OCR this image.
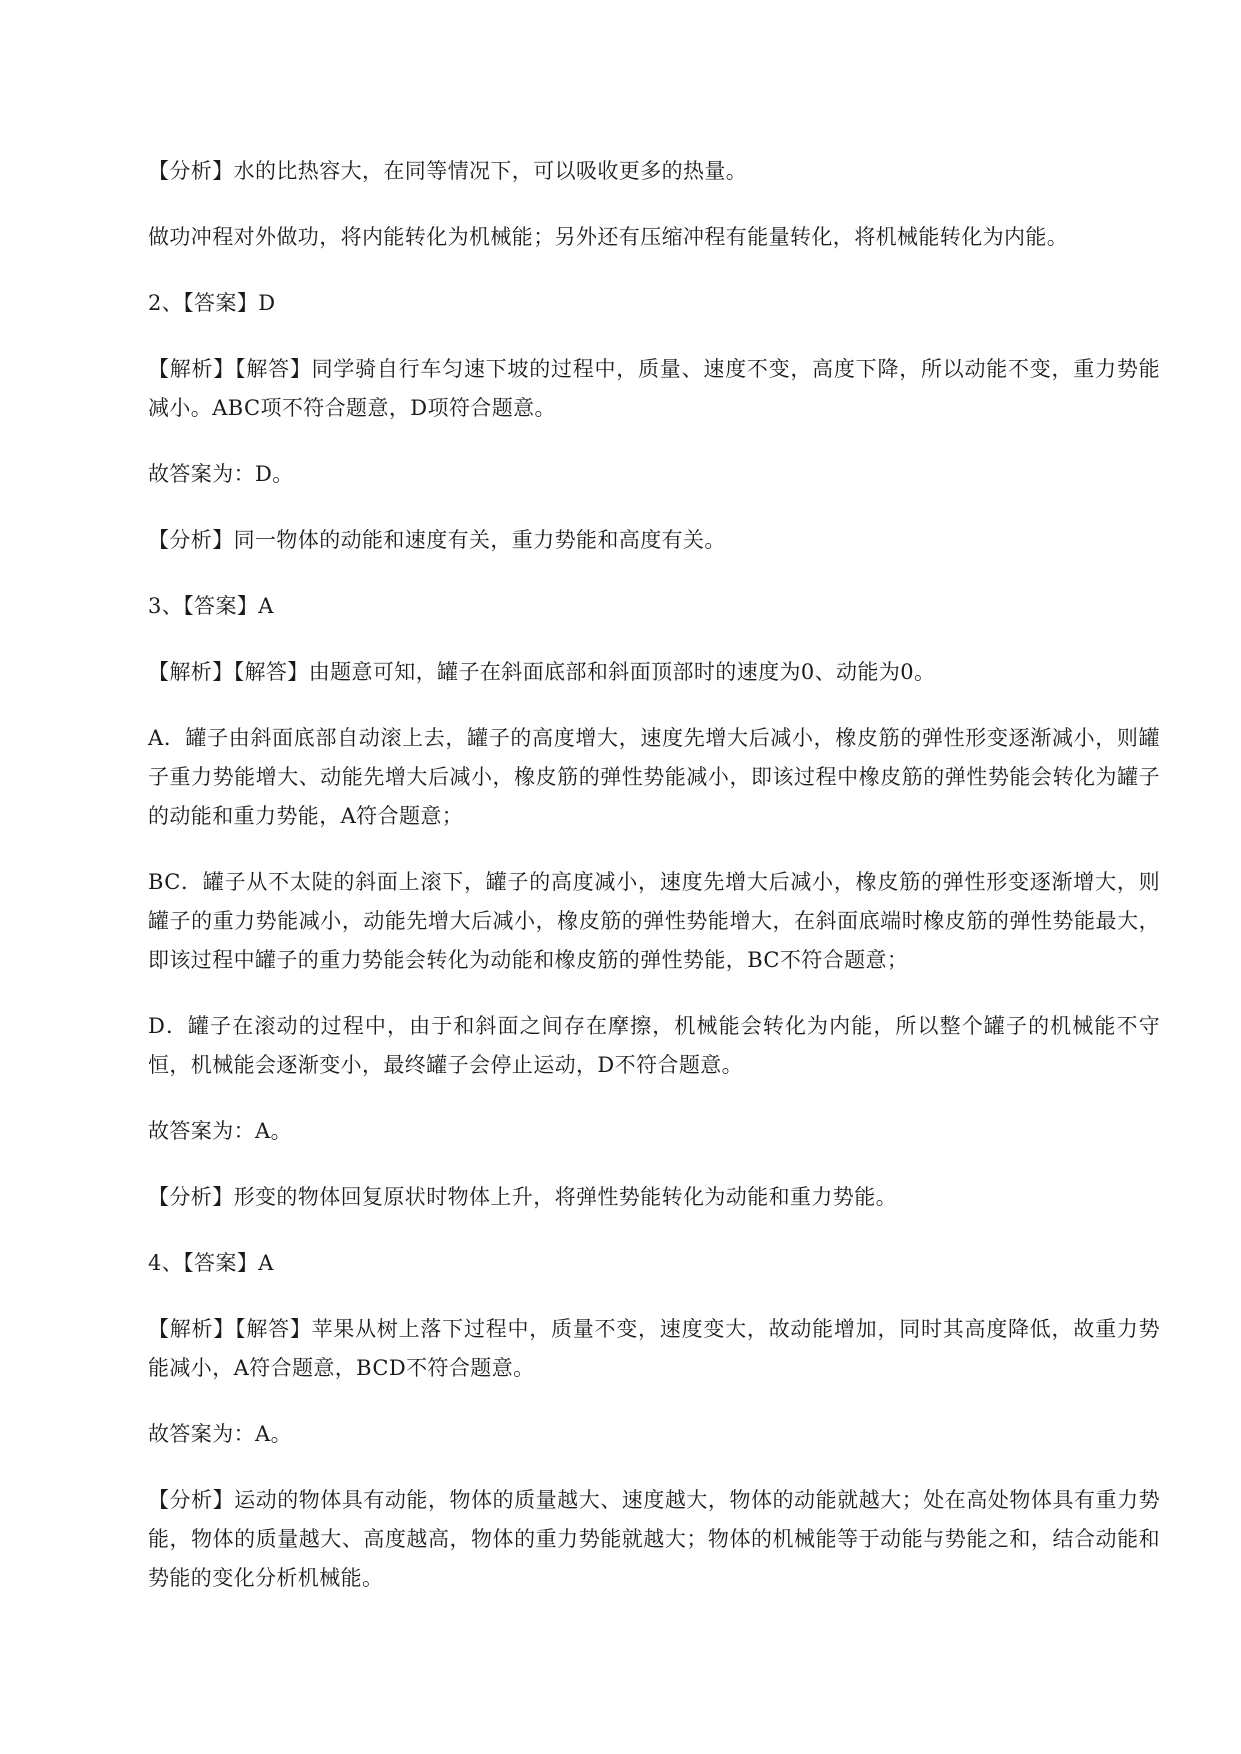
【分析】水的比热容大，在同等情况下，可以吸收更多的热量。

做功冲程对外做功，将内能转化为机械能；另外还有压缩冲程有能量转化，将机械能转化为内能。

2、【答案】D

【解析】【解答】同学骑自行车匀速下坡的过程中，质量、速度不变，高度下降，所以动能不变，重力势能减小。ABC项不符合题意，D项符合题意。

故答案为：D。

【分析】同一物体的动能和速度有关，重力势能和高度有关。

3、【答案】A

【解析】【解答】由题意可知，罐子在斜面底部和斜面顶部时的速度为0、动能为0。

A．罐子由斜面底部自动滚上去，罐子的高度增大，速度先增大后减小，橡皮筋的弹性形变逐渐减小，则罐子重力势能增大、动能先增大后减小，橡皮筋的弹性势能减小，即该过程中橡皮筋的弹性势能会转化为罐子的动能和重力势能，A符合题意；

BC．罐子从不太陡的斜面上滚下，罐子的高度减小，速度先增大后减小，橡皮筋的弹性形变逐渐增大，则罐子的重力势能减小，动能先增大后减小，橡皮筋的弹性势能增大，在斜面底端时橡皮筋的弹性势能最大，即该过程中罐子的重力势能会转化为动能和橡皮筋的弹性势能，BC不符合题意；

D．罐子在滚动的过程中，由于和斜面之间存在摩擦，机械能会转化为内能，所以整个罐子的机械能不守恒，机械能会逐渐变小，最终罐子会停止运动，D不符合题意。

故答案为：A。

【分析】形变的物体回复原状时物体上升，将弹性势能转化为动能和重力势能。

4、【答案】A

【解析】【解答】苹果从树上落下过程中，质量不变，速度变大，故动能增加，同时其高度降低，故重力势能减小，A符合题意，BCD不符合题意。

故答案为：A。

【分析】运动的物体具有动能，物体的质量越大、速度越大，物体的动能就越大；处在高处物体具有重力势能，物体的质量越大、高度越高，物体的重力势能就越大；物体的机械能等于动能与势能之和，结合动能和势能的变化分析机械能。
